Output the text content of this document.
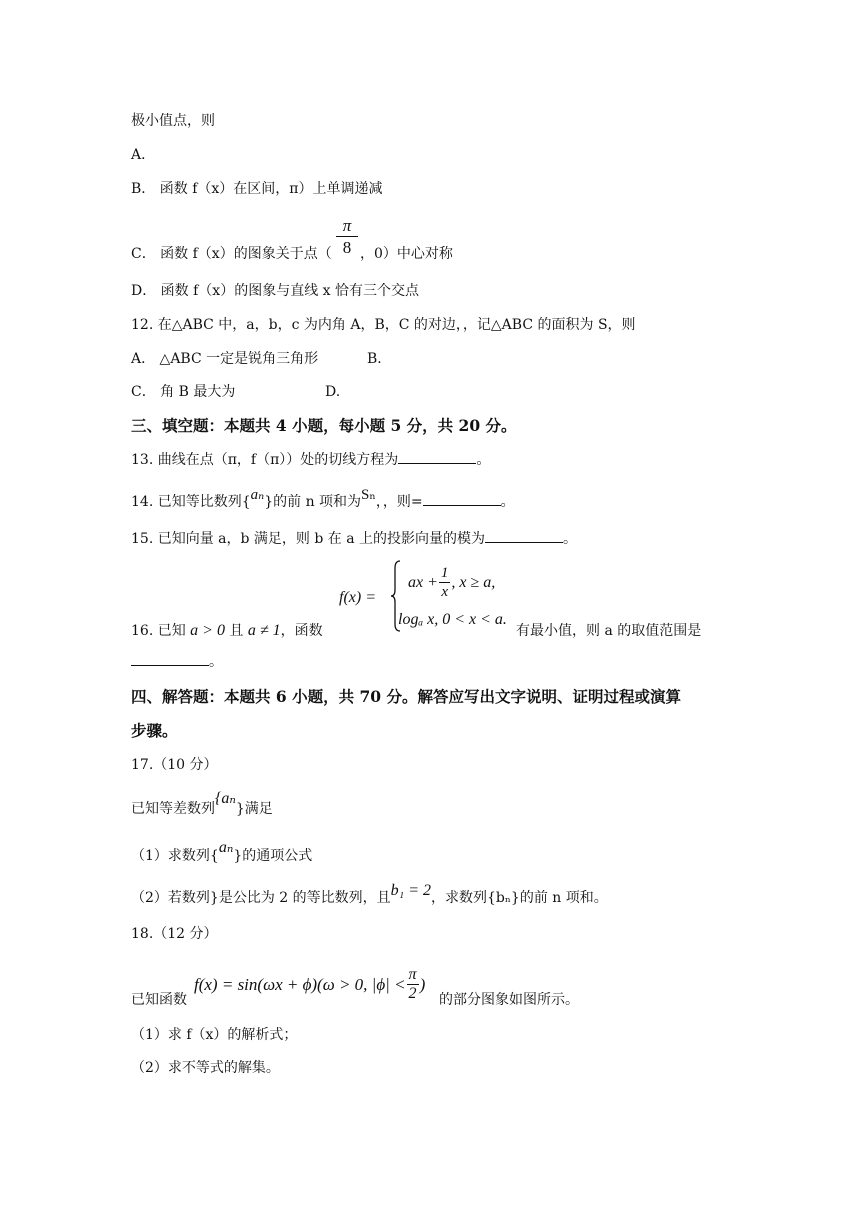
极小值点，则
A．
B． 函数 f（x）在区间，π）上单调递减
C． 函数 f（x）的图象关于点（ $\frac{\pi}{8}$ ，0）中心对称
D． 函数 f（x）的图象与直线 x 恰有三个交点
12. 在△ABC 中，a，b，c 为内角 A，B，C 的对边，，记△ABC 的面积为 S，则
A． △ABC 一定是锐角三角形	B．
C． 角 B 最大为	D.
三、填空题：本题共 4 小题，每小题 5 分，共 20 分。
13. 曲线在点（π，f（π））处的切线方程为	。
14. 已知等比数列{aₙ}的前 n 项和为Sₙ，，则=	。
15. 已知向量 a，b 满足，则 b 在 a 上的投影向量的模为	。
16. 已知 a > 0 且 a ≠ 1，函数
f(x) =
ax + $\frac{1}{x}$ , x ≥ a,
logₐ x, 0 < x < a.
有最小值，则 a 的取值范围是
。
四、解答题：本题共 6 小题，共 70 分。解答应写出文字说明、证明过程或演算
步骤。
17.（10 分）
已知等差数列{aₙ}满足
（1）求数列{aₙ}的通项公式
（2）若数列}是公比为 2 的等比数列，且b₁ = 2，求数列{bₙ}的前 n 项和。
18.（12 分）
已知函数
f(x) = sin(ωx + ϕ)(ω > 0, $|\phi| < \frac{\pi}{2}$ )
的部分图象如图所示。
（1）求 f（x）的解析式；
（2）求不等式的解集。
